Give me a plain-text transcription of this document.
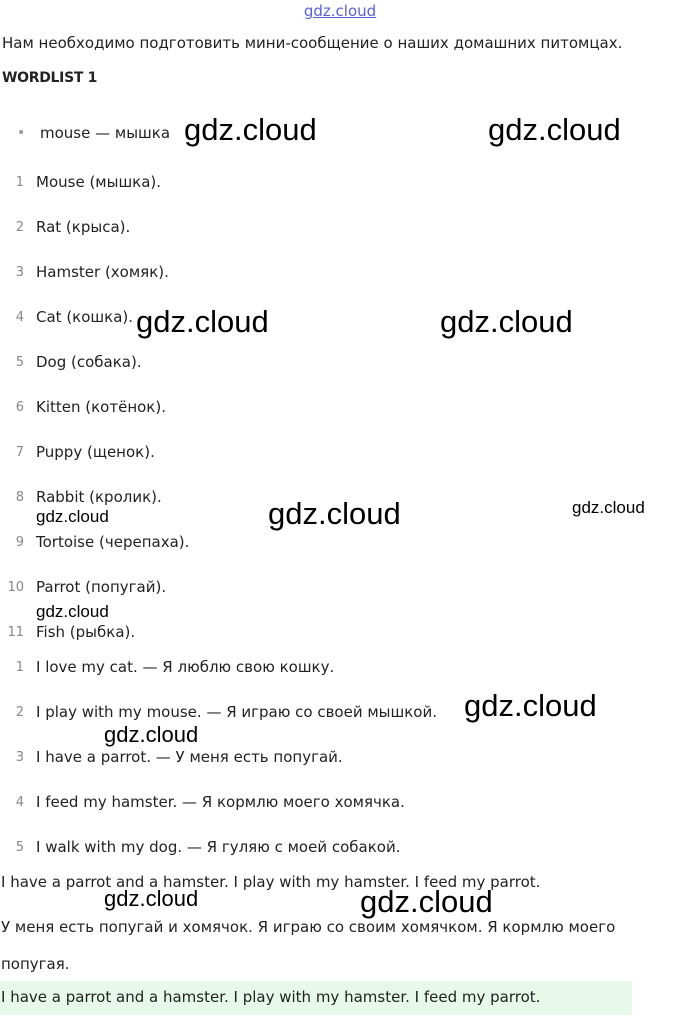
gdz.cloud
Нам необходимо подготовить мини-сообщение о наших домашних питомцах.
WORDLIST 1
• mouse — мышка
1 Mouse (мышка).
2 Rat (крыса).
3 Hamster (хомяк).
4 Cat (кошка).
5 Dog (собака).
6 Kitten (котёнок).
7 Puppy (щенок).
8 Rabbit (кролик).
9 Tortoise (черепаха).
10 Parrot (попугай).
11 Fish (рыбка).
1 I love my cat. — Я люблю свою кошку.
2 I play with my mouse. — Я играю со своей мышкой.
3 I have a parrot. — У меня есть попугай.
4 I feed my hamster. — Я кормлю моего хомячка.
5 I walk with my dog. — Я гуляю с моей собакой.
I have a parrot and a hamster. I play with my hamster. I feed my parrot.
У меня есть попугай и хомячок. Я играю со своим хомячком. Я кормлю моего
попугая.
I have a parrot and a hamster. I play with my hamster. I feed my parrot.
gdz.cloud	gdz.cloud
gdz.cloud	gdz.cloud
gdz.cloud	gdz.cloud
gdz.cloud
gdz.cloud
gdz.cloud
gdz.cloud
gdz.cloud	gdz.cloud
